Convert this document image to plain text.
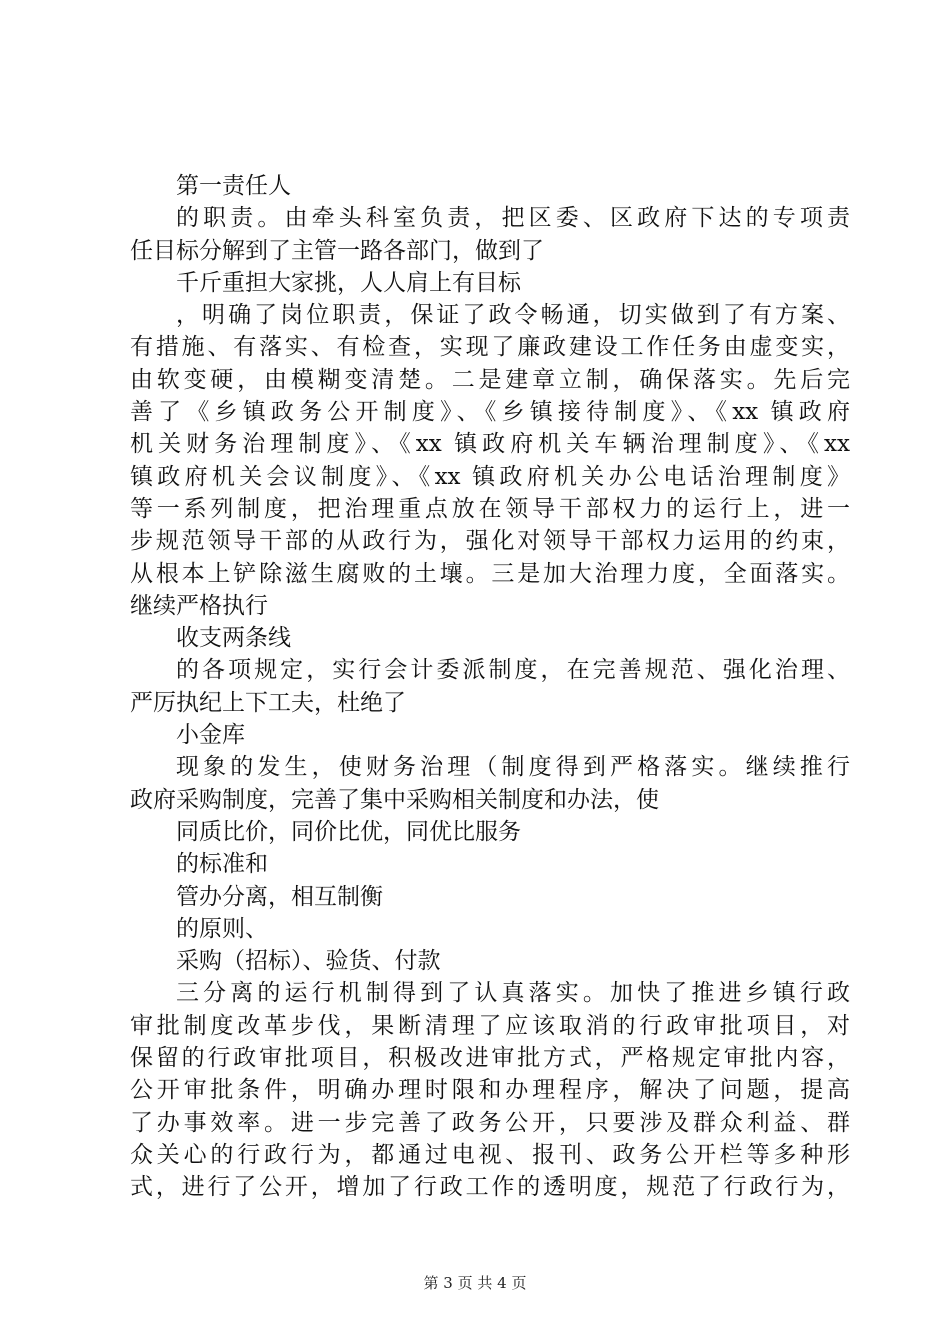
第一责任人
的职责。由牵头科室负责，把区委、区政府下达的专项责
任目标分解到了主管一路各部门，做到了
千斤重担大家挑，人人肩上有目标
，明确了岗位职责，保证了政令畅通，切实做到了有方案、
有措施、有落实、有检查，实现了廉政建设工作任务由虚变实，
由软变硬，由模糊变清楚。二是建章立制，确保落实。先后完
善了《乡镇政务公开制度》、《乡镇接待制度》、《xx 镇政府
机关财务治理制度》、《xx 镇政府机关车辆治理制度》、《xx
镇政府机关会议制度》、《xx 镇政府机关办公电话治理制度》
等一系列制度，把治理重点放在领导干部权力的运行上，进一
步规范领导干部的从政行为，强化对领导干部权力运用的约束，
从根本上铲除滋生腐败的土壤。三是加大治理力度，全面落实。
继续严格执行
收支两条线
的各项规定，实行会计委派制度，在完善规范、强化治理、
严厉执纪上下工夫，杜绝了
小金库
现象的发生，使财务治理（制度得到严格落实。继续推行
政府采购制度，完善了集中采购相关制度和办法，使
同质比价，同价比优，同优比服务
的标准和
管办分离，相互制衡
的原则、
采购（招标）、验货、付款
三分离的运行机制得到了认真落实。加快了推进乡镇行政
审批制度改革步伐，果断清理了应该取消的行政审批项目，对
保留的行政审批项目，积极改进审批方式，严格规定审批内容，
公开审批条件，明确办理时限和办理程序，解决了问题，提高
了办事效率。进一步完善了政务公开，只要涉及群众利益、群
众关心的行政行为，都通过电视、报刊、政务公开栏等多种形
式，进行了公开，增加了行政工作的透明度，规范了行政行为，
第 3 页 共 4 页
